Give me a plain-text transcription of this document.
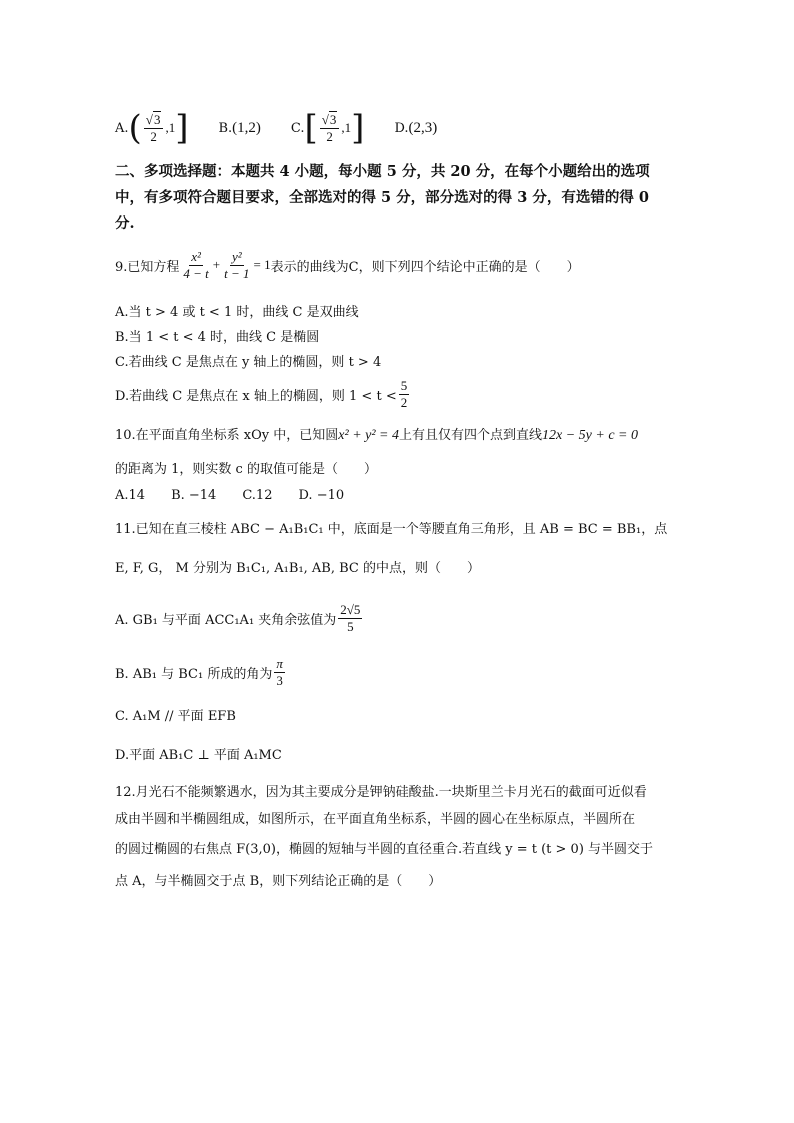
A. ( $\frac{√3}{2} ,1$ ] B.(1,2) C. [ $\frac{√3}{2} ,1$ ] D.(2,3)
二、多项选择题：本题共 4 小题，每小题 5 分，共 20 分，在每个小题给出的选项
中，有多项符合题目要求，全部选对的得 5 分，部分选对的得 3 分，有选错的得 0
分.
9.已知方程 $\frac{\text{x²}}{4 - t} + \frac{\text{y²}}{t - 1} = 1$ 表示的曲线为C，则下列四个结论中正确的是（　　）
A.当 t > 4 或 t < 1 时，曲线 C 是双曲线
B.当 1 < t < 4 时，曲线 C 是椭圆
C.若曲线 C 是焦点在 y 轴上的椭圆，则 t > 4
D.若曲线 C 是焦点在 x 轴上的椭圆，则 $1 < t < \frac{5}{2}$
10.在平面直角坐标系 xOy 中，已知圆x² + y² = 4上有且仅有四个点到直线12x − 5y + c = 0
的距离为 1，则实数 c 的取值可能是（　　）
A.14　　B. −14　　C.12　　D. −10
11.已知在直三棱柱 ABC − A₁B₁C₁ 中，底面是一个等腰直角三角形，且 AB = BC = BB₁，点
E, F, G， M 分别为 B₁C₁, A₁B₁, AB, BC 的中点，则（　　）
A. GB₁ 与平面 ACC₁A₁ 夹角余弦值为 $\frac{2√5}{5}$
B. AB₁ 与 BC₁ 所成的角为 $\frac{\pi}{3}$
C. A₁M // 平面 EFB
D.平面 AB₁C ⊥ 平面 A₁MC
12.月光石不能频繁遇水，因为其主要成分是钾钠硅酸盐.一块斯里兰卡月光石的截面可近似看
成由半圆和半椭圆组成，如图所示，在平面直角坐标系，半圆的圆心在坐标原点，半圆所在
的圆过椭圆的右焦点 F(3,0)，椭圆的短轴与半圆的直径重合.若直线 y = t (t > 0) 与半圆交于
点 A，与半椭圆交于点 B，则下列结论正确的是（　　）
